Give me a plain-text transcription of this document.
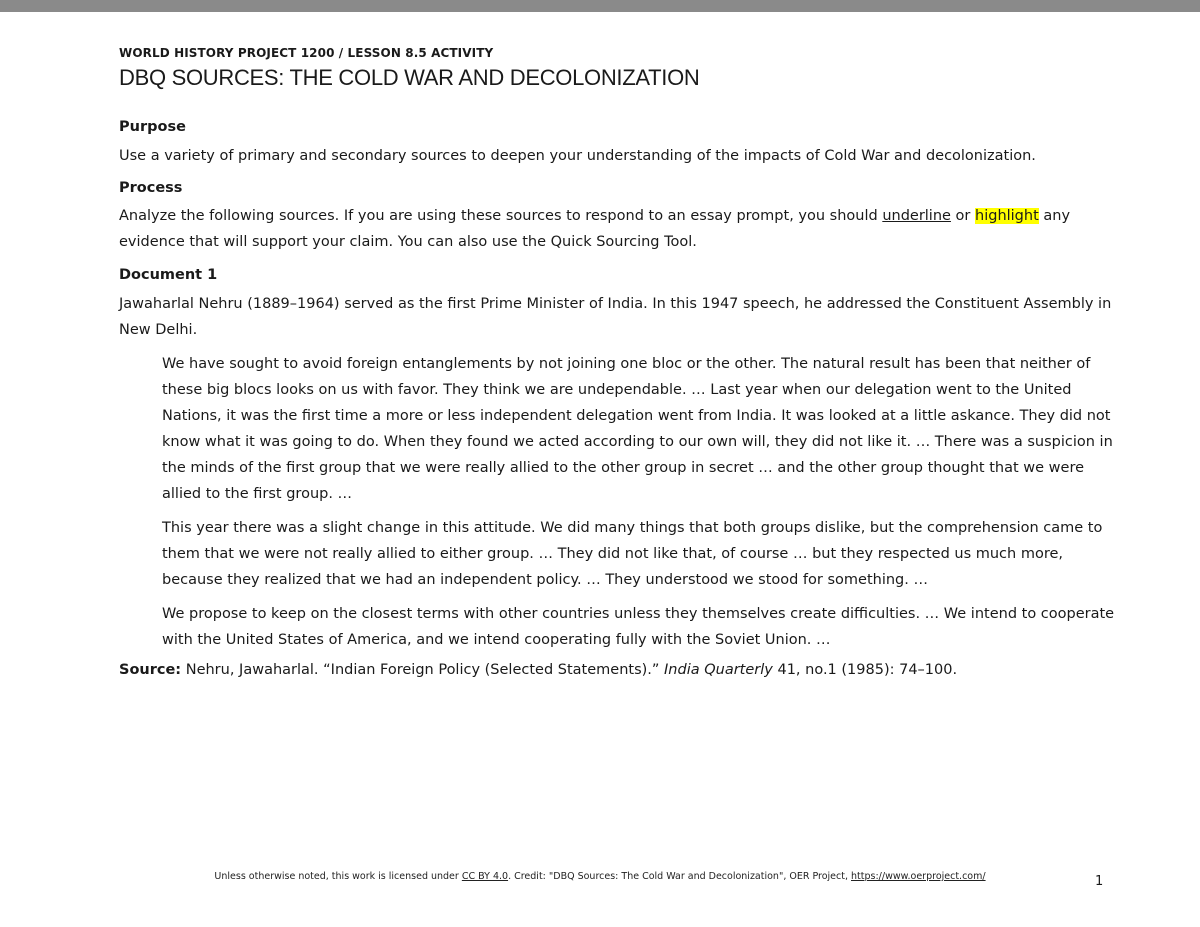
WORLD HISTORY PROJECT 1200 / LESSON 8.5 ACTIVITY

DBQ SOURCES: THE COLD WAR AND DECOLONIZATION

Purpose

Use a variety of primary and secondary sources to deepen your understanding of the impacts of Cold War and decolonization.

Process

Analyze the following sources. If you are using these sources to respond to an essay prompt, you should underline or highlight any evidence that will support your claim. You can also use the Quick Sourcing Tool.

Document 1

Jawaharlal Nehru (1889–1964) served as the first Prime Minister of India. In this 1947 speech, he addressed the Constituent Assembly in New Delhi.

We have sought to avoid foreign entanglements by not joining one bloc or the other. The natural result has been that neither of these big blocs looks on us with favor. They think we are undependable. … Last year when our delegation went to the United Nations, it was the first time a more or less independent delegation went from India. It was looked at a little askance. They did not know what it was going to do. When they found we acted according to our own will, they did not like it. … There was a suspicion in the minds of the first group that we were really allied to the other group in secret … and the other group thought that we were allied to the first group. …

This year there was a slight change in this attitude. We did many things that both groups dislike, but the comprehension came to them that we were not really allied to either group. … They did not like that, of course … but they respected us much more, because they realized that we had an independent policy. … They understood we stood for something. …

We propose to keep on the closest terms with other countries unless they themselves create difficulties. … We intend to cooperate with the United States of America, and we intend cooperating fully with the Soviet Union. …

Source: Nehru, Jawaharlal. “Indian Foreign Policy (Selected Statements).” India Quarterly 41, no.1 (1985): 74–100.

Unless otherwise noted, this work is licensed under CC BY 4.0. Credit: "DBQ Sources: The Cold War and Decolonization", OER Project, https://www.oerproject.com/	1
